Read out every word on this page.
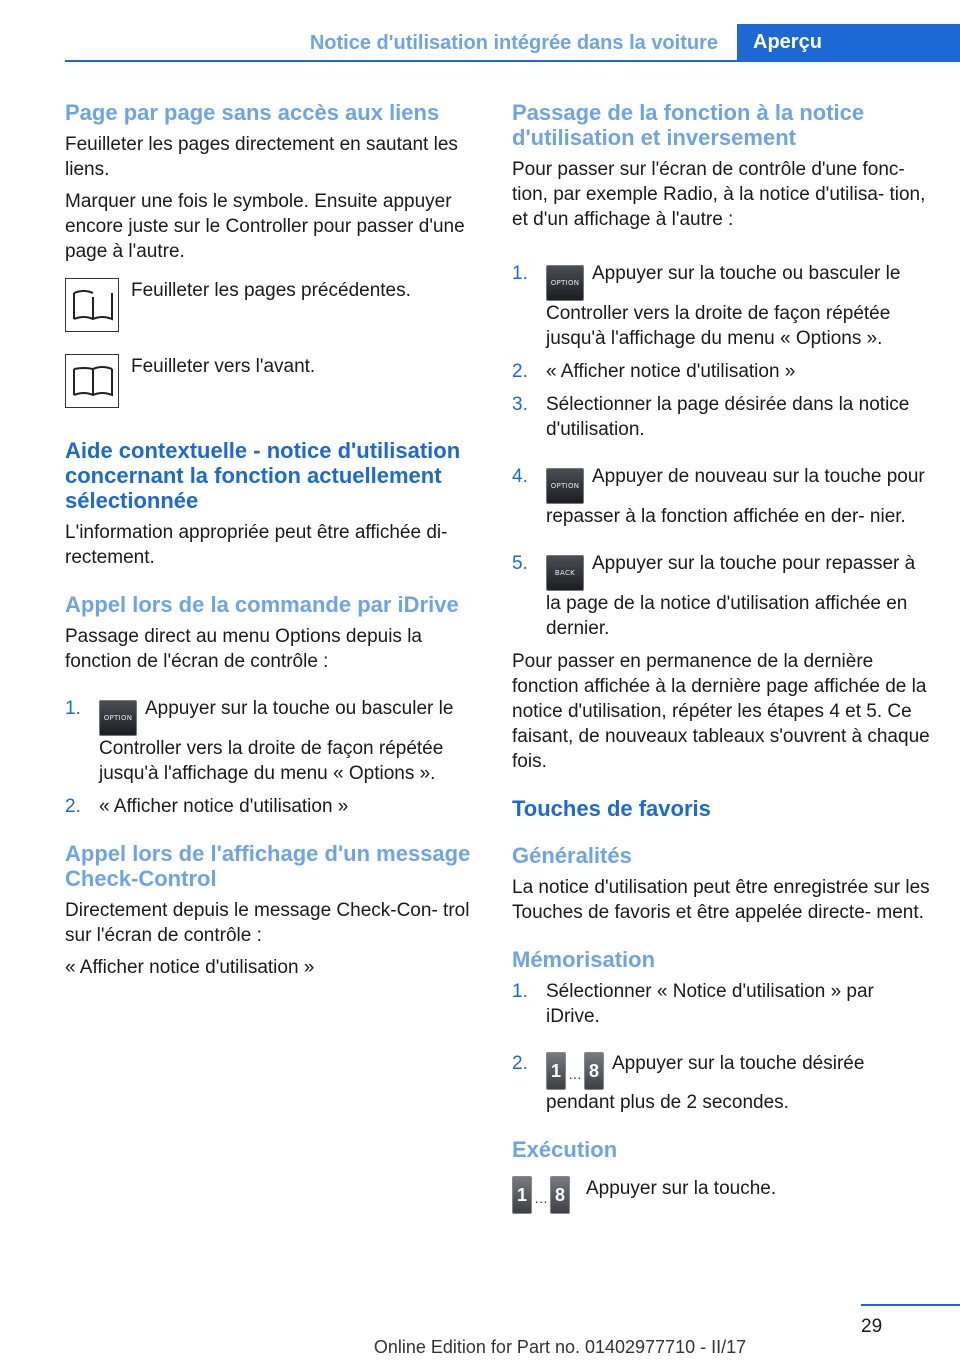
Notice d'utilisation intégrée dans la voiture	Aperçu
Page par page sans accès aux liens

Feuilleter les pages directement en sautant les liens.

Marquer une fois le symbole. Ensuite appuyer encore juste sur le Controller pour passer d'une page à l'autre.

Feuilleter les pages précédentes.
Feuilleter vers l'avant.
Aide contextuelle - notice d'utilisation concernant la fonction actuellement sélectionnée

L'information appropriée peut être affichée di- rectement.

Appel lors de la commande par iDrive

Passage direct au menu Options depuis la fonction de l'écran de contrôle :

1.	OPTION Appuyer sur la touche ou basculer le Controller vers la droite de façon répétée jusqu'à l'affichage du menu « Options ».
2. « Afficher notice d'utilisation »
Appel lors de l'affichage d'un message Check-Control

Directement depuis le message Check-Con- trol sur l'écran de contrôle :

« Afficher notice d'utilisation »

Passage de la fonction à la notice d'utilisation et inversement

Pour passer sur l'écran de contrôle d'une fonc- tion, par exemple Radio, à la notice d'utilisa- tion, et d'un affichage à l'autre :

1.	OPTION Appuyer sur la touche ou basculer le Controller vers la droite de façon répétée jusqu'à l'affichage du menu « Options ».
2. « Afficher notice d'utilisation »
3. Sélectionner la page désirée dans la notice d'utilisation.
4.	OPTION Appuyer de nouveau sur la touche pour repasser à la fonction affichée en der- nier.
5.	BACK Appuyer sur la touche pour repasser à la page de la notice d'utilisation affichée en dernier.

Pour passer en permanence de la dernière fonction affichée à la dernière page affichée de la notice d'utilisation, répéter les étapes 4 et 5. Ce faisant, de nouveaux tableaux s'ouvrent à chaque fois.

Touches de favoris
Généralités

La notice d'utilisation peut être enregistrée sur les Touches de favoris et être appelée directe- ment.

Mémorisation
1. Sélectionner « Notice d'utilisation » par iDrive.
2. 1 … 8 Appuyer sur la touche désirée pendant plus de 2 secondes.
Exécution
1 … 8	Appuyer sur la touche.
29
Online Edition for Part no. 01402977710 - II/17
